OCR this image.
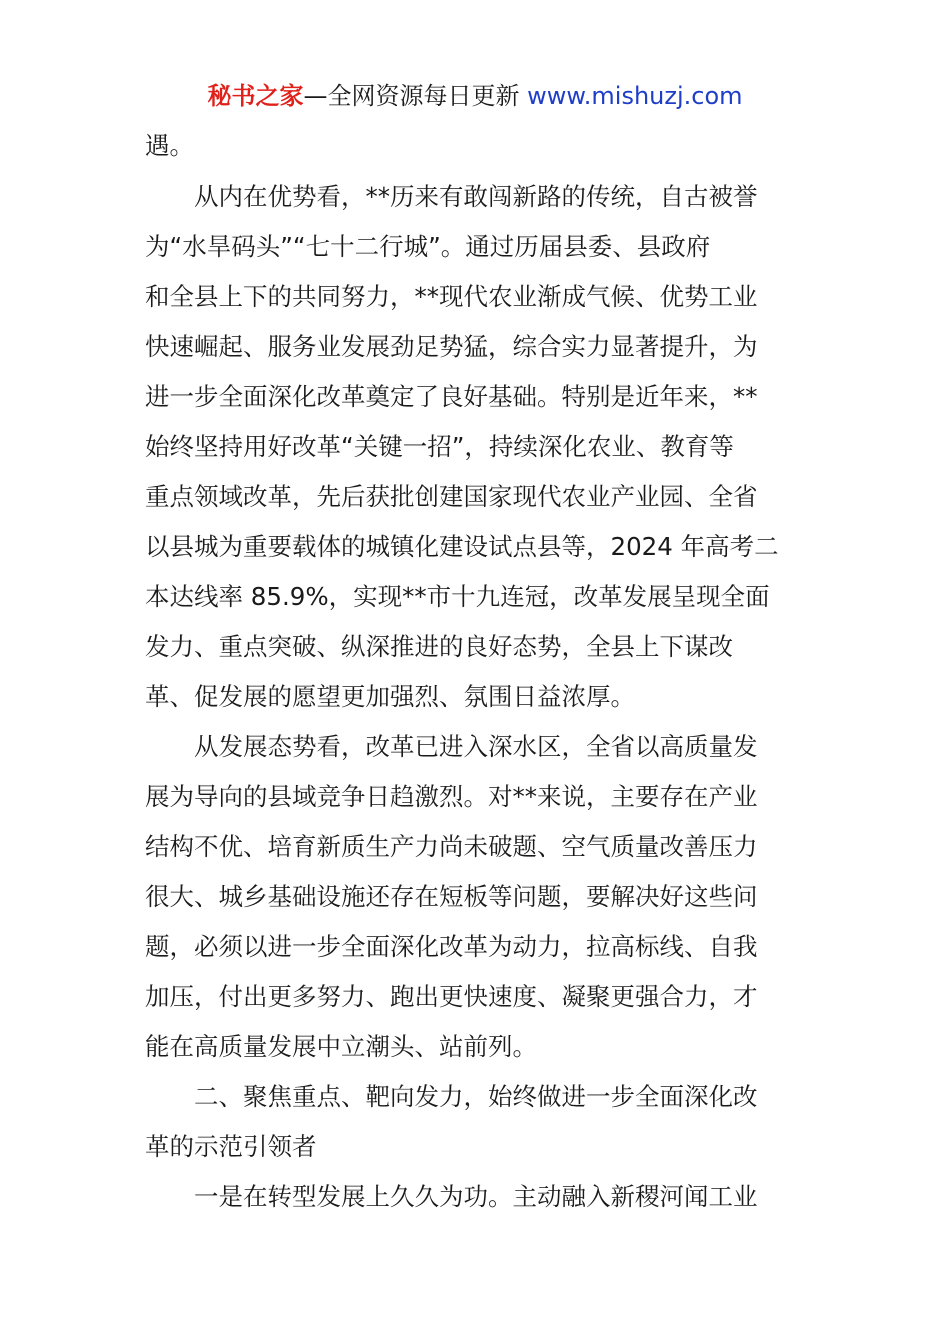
秘书之家—全网资源每日更新 www.mishuzj.com
遇。
从内在优势看，**历来有敢闯新路的传统，自古被誉
为“水旱码头”“七十二行城”。通过历届县委、县政府
和全县上下的共同努力，**现代农业渐成气候、优势工业
快速崛起、服务业发展劲足势猛，综合实力显著提升，为
进一步全面深化改革奠定了良好基础。特别是近年来，**
始终坚持用好改革“关键一招”，持续深化农业、教育等
重点领域改革，先后获批创建国家现代农业产业园、全省
以县城为重要载体的城镇化建设试点县等，2024 年高考二
本达线率 85.9%，实现**市十九连冠，改革发展呈现全面
发力、重点突破、纵深推进的良好态势，全县上下谋改
革、促发展的愿望更加强烈、氛围日益浓厚。
从发展态势看，改革已进入深水区，全省以高质量发
展为导向的县域竞争日趋激烈。对**来说，主要存在产业
结构不优、培育新质生产力尚未破题、空气质量改善压力
很大、城乡基础设施还存在短板等问题，要解决好这些问
题，必须以进一步全面深化改革为动力，拉高标线、自我
加压，付出更多努力、跑出更快速度、凝聚更强合力，才
能在高质量发展中立潮头、站前列。
二、聚焦重点、靶向发力，始终做进一步全面深化改
革的示范引领者
一是在转型发展上久久为功。主动融入新稷河闻工业
